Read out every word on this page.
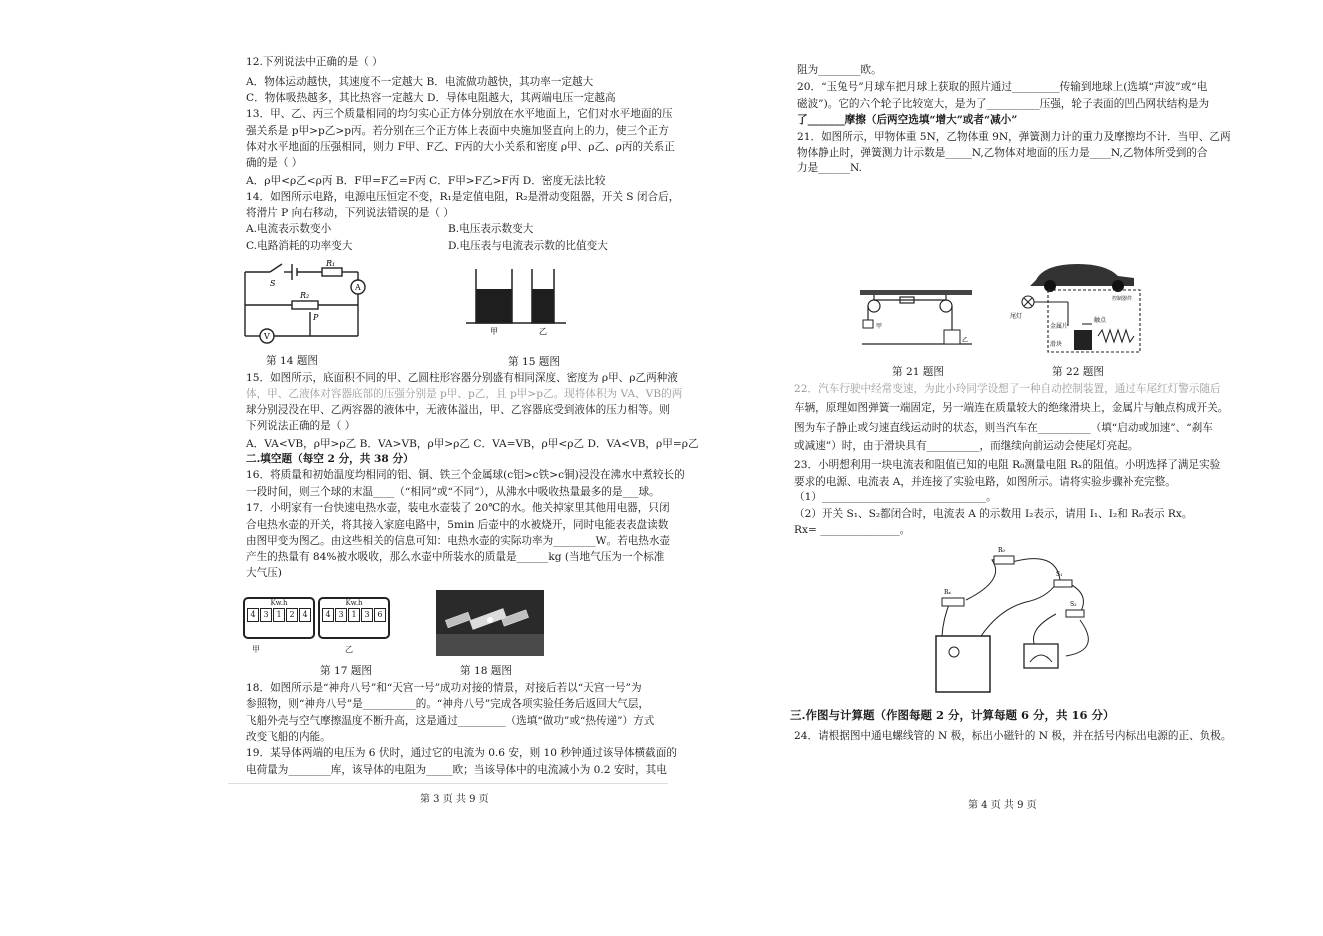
12.下列说法中正确的是（ ）
A．物体运动越快，其速度不一定越大 B．电流做功越快，其功率一定越大
C．物体吸热越多，其比热容一定越大 D．导体电阻越大，其两端电压一定越高
13．甲、乙、丙三个质量相同的均匀实心正方体分别放在水平地面上，它们对水平地面的压
强关系是 p甲>p乙>p丙。若分别在三个正方体上表面中央施加竖直向上的力，使三个正方
体对水平地面的压强相同，则力 F甲、F乙、F丙的大小关系和密度 ρ甲、ρ乙、ρ丙的关系正
确的是（ ）
A．ρ甲<ρ乙<ρ丙 B．F甲=F乙=F丙 C．F甲>F乙>F丙 D．密度无法比较
14．如图所示电路，电源电压恒定不变，R₁是定值电阻，R₂是滑动变阻器，开关 S 闭合后，
将滑片 P 向右移动，下列说法错误的是（ ）
A.电流表示数变小	B.电压表示数变大
C.电路消耗的功率变大	D.电压表与电流表示数的比值变大
S
R₁
R₂
P
A
V
第 14 题图
甲	乙
第 15 题图
15．如图所示，底面积不同的甲、乙圆柱形容器分别盛有相同深度、密度为 ρ甲、ρ乙两种液
体，甲、乙液体对容器底部的压强分别是 p甲、p乙，且 p甲>p乙。现将体积为 VA、VB的两
球分别浸没在甲、乙两容器的液体中，无液体溢出，甲、乙容器底受到液体的压力相等。则
下列说法正确的是（ ）
A．VA<VB，ρ甲>ρ乙 B．VA>VB，ρ甲>ρ乙 C．VA=VB，ρ甲<ρ乙 D．VA<VB，ρ甲=ρ乙
二.填空题（每空 2 分，共 38 分）
16．将质量和初始温度均相同的铝、铜、铁三个金属球(c铝>c铁>c铜)浸没在沸水中煮较长的
一段时间，则三个球的末温____（“相同”或“不同”），从沸水中吸收热量最多的是___球。
17．小明家有一台快速电热水壶，装电水壶装了 20℃的水。他关掉家里其他用电器，只闭
合电热水壶的开关，将其接入家庭电路中，5min 后壶中的水被烧开，同时电能表表盘读数
由图甲变为图乙。由这些相关的信息可知：电热水壶的实际功率为________W。若电热水壶
产生的热量有 84%被水吸收，那么水壶中所装水的质量是______kg (当地气压为一个标准
大气压)
Kw.h
4 3 1 2 4
Kw.h
4 3 1 3 6
甲	乙
第 17 题图	第 18 题图
18．如图所示是“神舟八号”和“天宫一号”成功对接的情景，对接后若以“天宫一号”为
参照物，则“神舟八号”是__________的。“神舟八号”完成各项实验任务后返回大气层，
飞船外壳与空气摩擦温度不断升高，这是通过_________（选填“做功”或“热传递”）方式
改变飞船的内能。
19．某导体两端的电压为 6 伏时，通过它的电流为 0.6 安，则 10 秒钟通过该导体横截面的
电荷量为________库，该导体的电阻为_____欧；当该导体中的电流减小为 0.2 安时，其电
第 3 页 共 9 页
阻为________欧。
20．“玉兔号”月球车把月球上获取的照片通过_________传输到地球上(选填“声波”或“电
磁波”)。它的六个轮子比较宽大，是为了__________压强，轮子表面的凹凸网状结构是为
了_______摩擦（后两空选填“增大”或者“减小”
21．如图所示，甲物体重 5N，乙物体重 9N，弹簧测力计的重力及摩擦均不计．当甲、乙两
物体静止时，弹簧测力计示数是_____N,乙物体对地面的压力是____N,乙物体所受到的合
力是______N.
甲
乙
第 21 题图
尾灯
金属片
触点
滑块
控制器件
第 22 题图
22．汽车行驶中经常变速，为此小玲同学设想了一种自动控制装置，通过车尾红灯警示随后
车辆，原理如图弹簧一端固定，另一端连在质量较大的绝缘滑块上，金属片与触点构成开关。
图为车子静止或匀速直线运动时的状态，则当汽车在__________（填“启动或加速”、“刹车
或减速”）时，由于滑块具有__________，而继续向前运动会使尾灯亮起。
23．小明想利用一块电流表和阻值已知的电阻 R₀测量电阻 Rₓ的阻值。小明选择了满足实验
要求的电源、电流表 A，并连接了实验电路，如图所示。请将实验步骤补充完整。
（1）_______________________________。
（2）开关 S₁、S₂都闭合时，电流表 A 的示数用 I₂表示，请用 I₁、I₂和 R₀表示 Rx。
Rx= _______________。
R₀
Rₓ
S₁
S₂
三.作图与计算题（作图每题 2 分，计算每题 6 分，共 16 分）
24．请根据图中通电螺线管的 N 极，标出小磁针的 N 极，并在括号内标出电源的正、负极。
第 4 页 共 9 页
